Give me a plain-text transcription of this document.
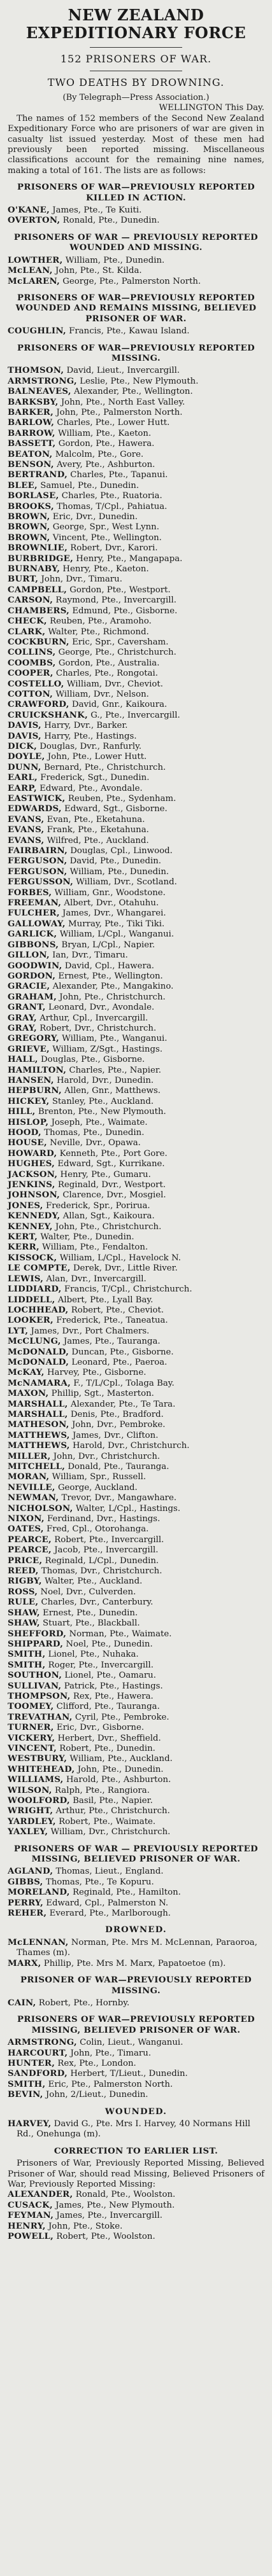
NEW ZEALAND EXPEDITIONARY FORCE

152 PRISONERS OF WAR.

TWO DEATHS BY DROWNING.

(By Telegraph—Press Association.)

WELLINGTON This Day.

The names of 152 members of the Second New Zealand Expeditionary Force who are prisoners of war are given in casualty list issued yesterday. Most of these men had previously been reported missing. Miscellaneous classifications account for the remaining nine names, making a total of 161. The lists are as follows:

PRISONERS OF WAR—PREVIOUSLY REPORTED KILLED IN ACTION.

O'KANE, James, Pte., Te Kuiti.

OVERTON, Ronald, Pte., Dunedin.

PRISONERS OF WAR — PREVIOUSLY REPORTED WOUNDED AND MISSING.

LOWTHER, William, Pte., Dunedin.

McLEAN, John, Pte., St. Kilda.

McLAREN, George, Pte., Palmerston North.

PRISONERS OF WAR—PREVIOUSLY REPORTED WOUNDED AND REMAINS MISSING, BELIEVED PRISONER OF WAR.

COUGHLIN, Francis, Pte., Kawau Island.

PRISONERS OF WAR—PREVIOUSLY REPORTED MISSING.

THOMSON, David, Lieut., Invercargill.

ARMSTRONG, Leslie, Pte., New Plymouth.

BALNEAVES, Alexander, Pte., Wellington.

BARKSBY, John, Pte., North East Valley.

BARKER, John, Pte., Palmerston North.

BARLOW, Charles, Pte., Lower Hutt.

BARROW, William, Pte., Kaeton.

BASSETT, Gordon, Pte., Hawera.

BEATON, Malcolm, Pte., Gore.

BENSON, Avery, Pte., Ashburton.

BERTRAND, Charles, Pte., Tapanui.

BLEE, Samuel, Pte., Dunedin.

BORLASE, Charles, Pte., Ruatoria.

BROOKS, Thomas, T/Cpl., Pahiatua.

BROWN, Eric, Dvr., Dunedin.

BROWN, George, Spr., West Lynn.

BROWN, Vincent, Pte., Wellington.

BROWNLIE, Robert, Dvr., Karori.

BURBRIDGE, Henry, Pte., Mangapapa.

BURNABY, Henry, Pte., Kaeton.

BURT, John, Dvr., Timaru.

CAMPBELL, Gordon, Pte., Westport.

CARSON, Raymond, Pte., Invercargill.

CHAMBERS, Edmund, Pte., Gisborne.

CHECK, Reuben, Pte., Aramoho.

CLARK, Walter, Pte., Richmond.

COCKBURN, Eric, Spr., Caversham.

COLLINS, George, Pte., Christchurch.

COOMBS, Gordon, Pte., Australia.

COOPER, Charles, Pte., Rongotai.

COSTELLO, William, Dvr., Cheviot.

COTTON, William, Dvr., Nelson.

CRAWFORD, David, Gnr., Kaikoura.

CRUICKSHANK, G., Pte., Invercargill.

DAVIS, Harry, Dvr., Barker.

DAVIS, Harry, Pte., Hastings.

DICK, Douglas, Dvr., Ranfurly.

DOYLE, John, Pte., Lower Hutt.

DUNN, Bernard, Pte., Christchurch.

EARL, Frederick, Sgt., Dunedin.

EARP, Edward, Pte., Avondale.

EASTWICK, Reuben, Pte., Sydenham.

EDWARDS, Edward, Sgt., Gisborne.

EVANS, Evan, Pte., Eketahuna.

EVANS, Frank, Pte., Eketahuna.

EVANS, Wilfred, Pte., Auckland.

FAIRBAIRN, Douglas, Cpl., Linwood.

FERGUSON, David, Pte., Dunedin.

FERGUSON, William, Pte., Dunedin.

FERGUSSON, William, Dvr., Scotland.

FORBES, William, Gnr., Woodstone.

FREEMAN, Albert, Dvr., Otahuhu.

FULCHER, James, Dvr., Whangarei.

GALLOWAY, Murray, Pte., Tiki Tiki.

GARLICK, William, L/Cpl., Wanganui.

GIBBONS, Bryan, L/Cpl., Napier.

GILLON, Ian, Dvr., Timaru.

GOODWIN, David, Cpl., Hawera.

GORDON, Ernest, Pte., Wellington.

GRACIE, Alexander, Pte., Mangakino.

GRAHAM, John, Pte., Christchurch.

GRANT, Leonard, Dvr., Avondale.

GRAY, Arthur, Cpl., Invercargill.

GRAY, Robert, Dvr., Christchurch.

GREGORY, William, Pte., Wanganui.

GRIEVE, William, Z/Sgt., Hastings.

HALL, Douglas, Pte., Gisborne.

HAMILTON, Charles, Pte., Napier.

HANSEN, Harold, Dvr., Dunedin.

HEPBURN, Allen, Gnr., Matthews.

HICKEY, Stanley, Pte., Auckland.

HILL, Brenton, Pte., New Plymouth.

HISLOP, Joseph, Pte., Waimate.

HOOD, Thomas, Pte., Dunedin.

HOUSE, Neville, Dvr., Opawa.

HOWARD, Kenneth, Pte., Port Gore.

HUGHES, Edward, Sgt., Kurrikane.

JACKSON, Henry, Pte., Gumaru.

JENKINS, Reginald, Dvr., Westport.

JOHNSON, Clarence, Dvr., Mosgiel.

JONES, Frederick, Spr., Porirua.

KENNEDY, Allan, Sgt., Kaikoura.

KENNEY, John, Pte., Christchurch.

KERT, Walter, Pte., Dunedin.

KERR, William, Pte., Fendalton.

KISSOCK, William, L/Cpl., Havelock N.

LE COMPTE, Derek, Dvr., Little River.

LEWIS, Alan, Dvr., Invercargill.

LIDDIARD, Francis, T/Cpl., Christchurch.

LIDDELL, Albert, Pte., Lyall Bay.

LOCHHEAD, Robert, Pte., Cheviot.

LOOKER, Frederick, Pte., Taneatua.

LYT, James, Dvr., Port Chalmers.

McCLUNG, James, Pte., Tauranga.

McDONALD, Duncan, Pte., Gisborne.

McDONALD, Leonard, Pte., Paeroa.

McKAY, Harvey, Pte., Gisborne.

McNAMARA, F., T/L/Cpl., Tolaga Bay.

MAXON, Phillip, Sgt., Masterton.

MARSHALL, Alexander, Pte., Te Tara.

MARSHALL, Denis, Pte., Bradford.

MATHESON, John, Dvr., Pembroke.

MATTHEWS, James, Dvr., Clifton.

MATTHEWS, Harold, Dvr., Christchurch.

MILLER, John, Dvr., Christchurch.

MITCHELL, Donald, Pte., Tauranga.

MORAN, William, Spr., Russell.

NEVILLE, George, Auckland.

NEWMAN, Trevor, Dvr., Mangawhare.

NICHOLSON, Walter, L/Cpl., Hastings.

NIXON, Ferdinand, Dvr., Hastings.

OATES, Fred, Cpl., Otorohanga.

PEARCE, Robert, Pte., Invercargill.

PEARCE, Jacob, Pte., Invercargill.

PRICE, Reginald, L/Cpl., Dunedin.

REED, Thomas, Dvr., Christchurch.

RIGBY, Walter, Pte., Auckland.

ROSS, Noel, Dvr., Culverden.

RULE, Charles, Dvr., Canterbury.

SHAW, Ernest, Pte., Dunedin.

SHAW, Stuart, Pte., Blackball.

SHEFFORD, Norman, Pte., Waimate.

SHIPPARD, Noel, Pte., Dunedin.

SMITH, Lionel, Pte., Nuhaka.

SMITH, Roger, Pte., Invercargill.

SOUTHON, Lionel, Pte., Oamaru.

SULLIVAN, Patrick, Pte., Hastings.

THOMPSON, Rex, Pte., Hawera.

TOOMEY, Clifford, Pte., Tauranga.

TREVATHAN, Cyril, Pte., Pembroke.

TURNER, Eric, Dvr., Gisborne.

VICKERY, Herbert, Dvr., Sheffield.

VINCENT, Robert, Pte., Dunedin.

WESTBURY, William, Pte., Auckland.

WHITEHEAD, John, Pte., Dunedin.

WILLIAMS, Harold, Pte., Ashburton.

WILSON, Ralph, Pte., Rangiora.

WOOLFORD, Basil, Pte., Napier.

WRIGHT, Arthur, Pte., Christchurch.

YARDLEY, Robert, Pte., Waimate.

YAXLEY, William, Dvr., Christchurch.

PRISONERS OF WAR — PREVIOUSLY REPORTED MISSING, BELIEVED PRISONER OF WAR.

AGLAND, Thomas, Lieut., England.

GIBBS, Thomas, Pte., Te Kopuru.

MORELAND, Reginald, Pte., Hamilton.

PERRY, Edward, Cpl., Palmerston N.

REHER, Everard, Pte., Marlborough.

DROWNED.

McLENNAN, Norman, Pte. Mrs M. McLennan, Paraoroa, Thames (m).

MARX, Phillip, Pte. Mrs M. Marx, Papatoetoe (m).

PRISONER OF WAR—PREVIOUSLY REPORTED MISSING.

CAIN, Robert, Pte., Hornby.

PRISONERS OF WAR—PREVIOUSLY REPORTED MISSING, BELIEVED PRISONER OF WAR.

ARMSTRONG, Colin, Lieut., Wanganui.

HARCOURT, John, Pte., Timaru.

HUNTER, Rex, Pte., London.

SANDFORD, Herbert, T/Lieut., Dunedin.

SMITH, Eric, Pte., Palmerston North.

BEVIN, John, 2/Lieut., Dunedin.

WOUNDED.

HARVEY, David G., Pte. Mrs I. Harvey, 40 Normans Hill Rd., Onehunga (m).

CORRECTION TO EARLIER LIST.

Prisoners of War, Previously Reported Missing, Believed Prisoner of War, should read Missing, Believed Prisoners of War, Previously Reported Missing:

ALEXANDER, Ronald, Pte., Woolston.

CUSACK, James, Pte., New Plymouth.

FEYMAN, James, Pte., Invercargill.

HENRY, John, Pte., Stoke.

POWELL, Robert, Pte., Woolston.
